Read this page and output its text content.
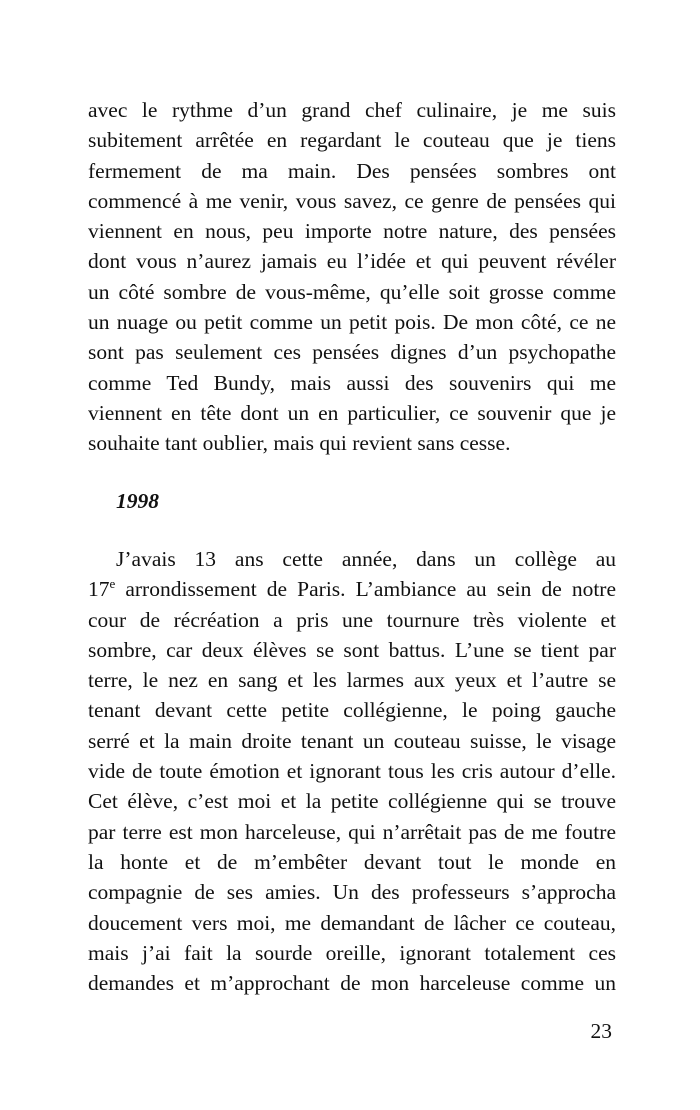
avec le rythme d’un grand chef culinaire, je me suis
subitement arrêtée en regardant le couteau que je tiens
fermement de ma main. Des pensées sombres ont
commencé à me venir, vous savez, ce genre de pensées qui
viennent en nous, peu importe notre nature, des pensées
dont vous n’aurez jamais eu l’idée et qui peuvent révéler
un côté sombre de vous-même, qu’elle soit grosse comme
un nuage ou petit comme un petit pois. De mon côté, ce ne
sont pas seulement ces pensées dignes d’un psychopathe
comme Ted Bundy, mais aussi des souvenirs qui me
viennent en tête dont un en particulier, ce souvenir que je
souhaite tant oublier, mais qui revient sans cesse.
1998
J’avais 13 ans cette année, dans un collège au
17e arrondissement de Paris. L’ambiance au sein de notre
cour de récréation a pris une tournure très violente et
sombre, car deux élèves se sont battus. L’une se tient par
terre, le nez en sang et les larmes aux yeux et l’autre se
tenant devant cette petite collégienne, le poing gauche
serré et la main droite tenant un couteau suisse, le visage
vide de toute émotion et ignorant tous les cris autour d’elle.
Cet élève, c’est moi et la petite collégienne qui se trouve
par terre est mon harceleuse, qui n’arrêtait pas de me foutre
la honte et de m’embêter devant tout le monde en
compagnie de ses amies. Un des professeurs s’approcha
doucement vers moi, me demandant de lâcher ce couteau,
mais j’ai fait la sourde oreille, ignorant totalement ces
demandes et m’approchant de mon harceleuse comme un
23
